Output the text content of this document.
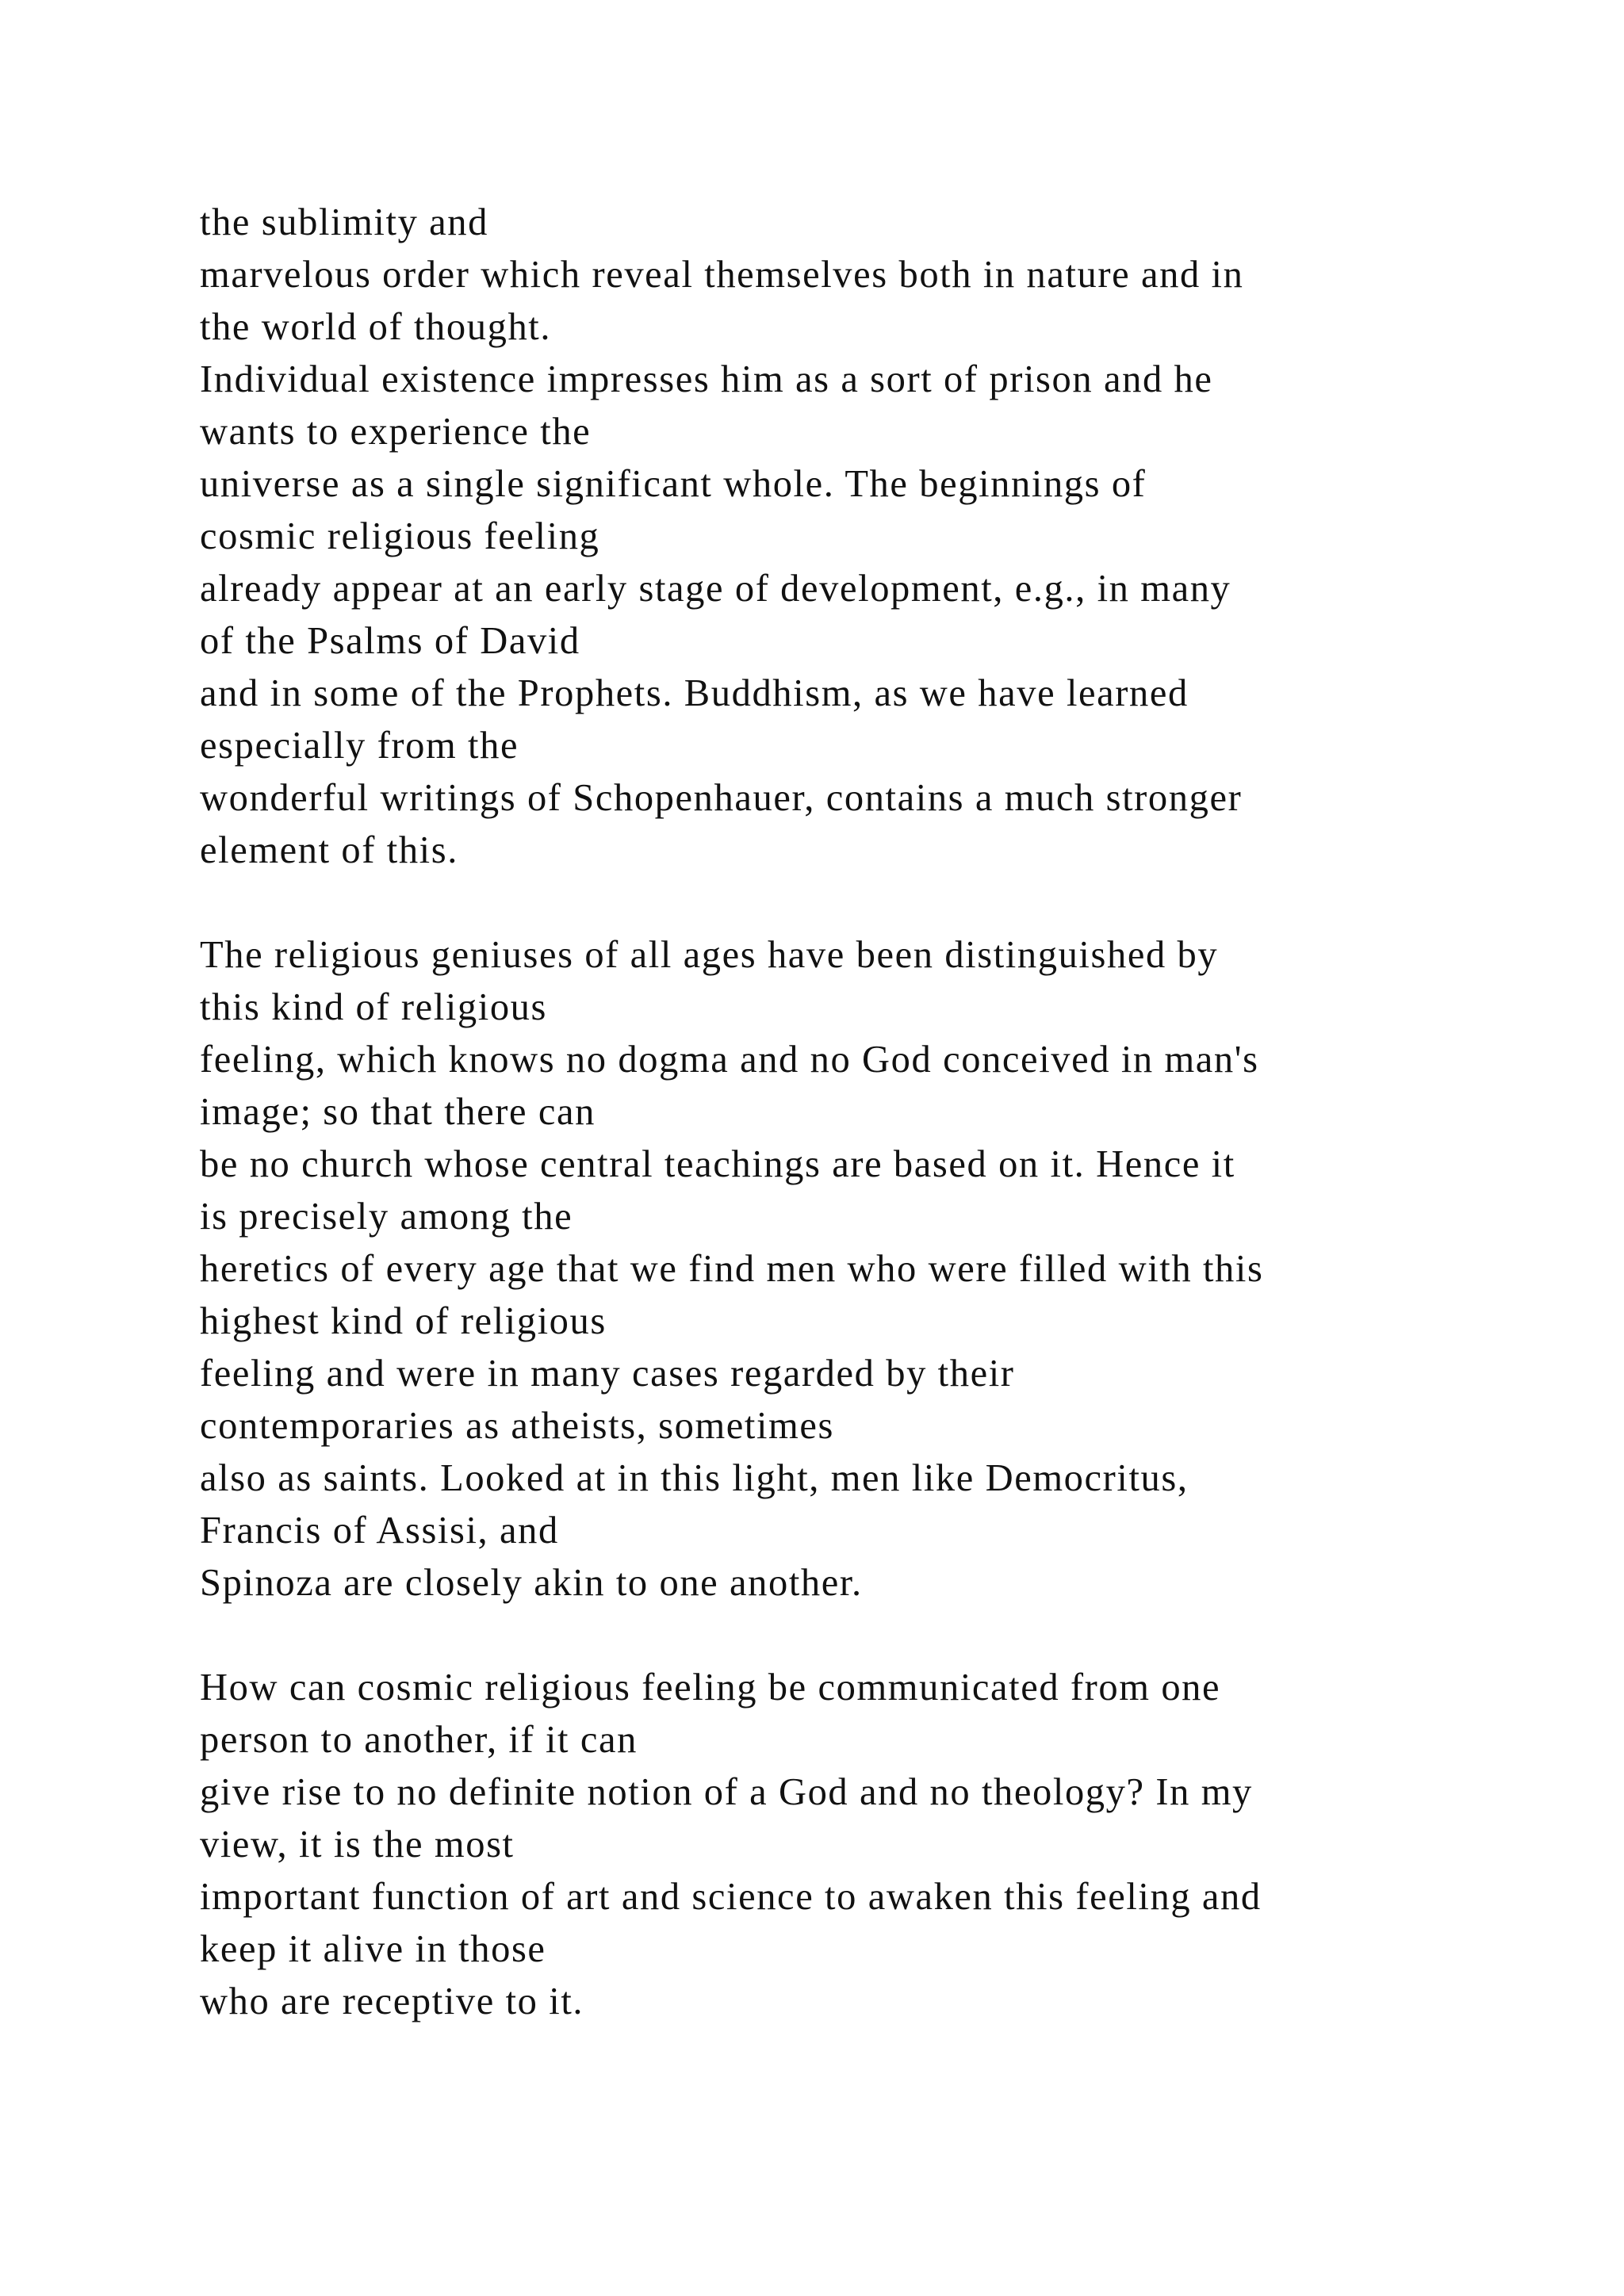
the sublimity and
marvelous order which reveal themselves both in nature and in
the world of thought.
Individual existence impresses him as a sort of prison and he
wants to experience the
universe as a single significant whole. The beginnings of
cosmic religious feeling
already appear at an early stage of development, e.g., in many
of the Psalms of David
and in some of the Prophets. Buddhism, as we have learned
especially from the
wonderful writings of Schopenhauer, contains a much stronger
element of this.
The religious geniuses of all ages have been distinguished by
this kind of religious
feeling, which knows no dogma and no God conceived in man's
image; so that there can
be no church whose central teachings are based on it. Hence it
is precisely among the
heretics of every age that we find men who were filled with this
highest kind of religious
feeling and were in many cases regarded by their
contemporaries as atheists, sometimes
also as saints. Looked at in this light, men like Democritus,
Francis of Assisi, and
Spinoza are closely akin to one another.
How can cosmic religious feeling be communicated from one
person to another, if it can
give rise to no definite notion of a God and no theology? In my
view, it is the most
important function of art and science to awaken this feeling and
keep it alive in those
who are receptive to it.
